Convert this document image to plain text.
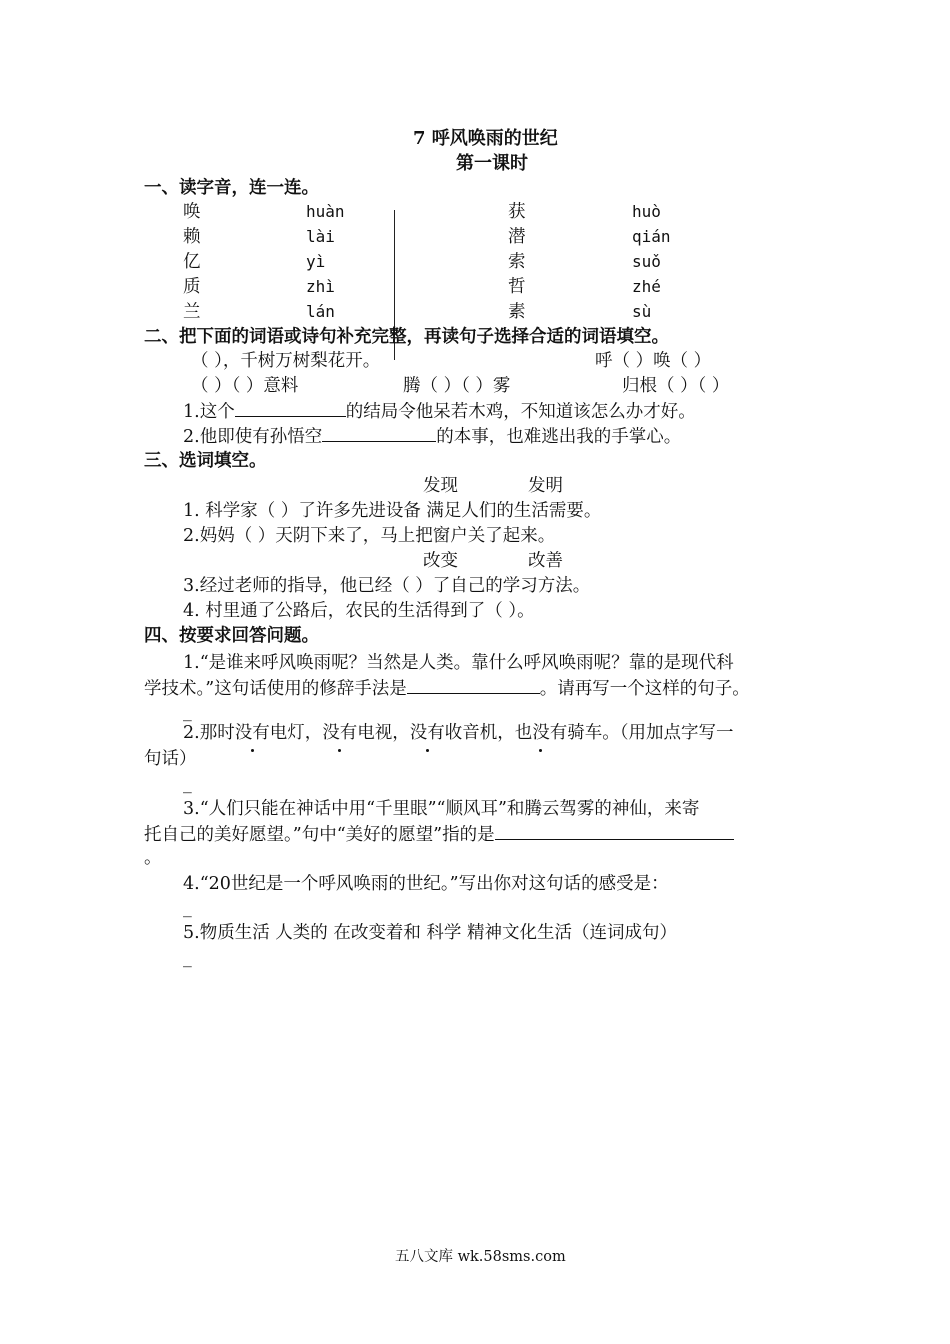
7 呼风唤雨的世纪
第一课时
一、读字音，连一连。
唤	huàn	获	huò
赖	lài	潜	qián
亿	yì	索	suǒ
质	zhì	哲	zhé
兰	lán	素	sù
二、把下面的词语或诗句补充完整，再读句子选择合适的词语填空。
（ ），千树万树梨花开。	呼（ ）唤（ ）
（ ）（ ）意料	腾（ ）（ ）雾	归根（ ）（ ）
1.这个	的结局令他呆若木鸡，不知道该怎么办才好。
2.他即使有孙悟空	的本事，也难逃出我的手掌心。
三、选词填空。
发现	发明
1. 科学家（ ）了许多先进设备 满足人们的生活需要。
2.妈妈（ ）天阴下来了，马上把窗户关了起来。
改变	改善
3.经过老师的指导，他已经（ ）了自己的学习方法。
4. 村里通了公路后，农民的生活得到了（ ）。
四、按要求回答问题。
1.“是谁来呼风唤雨呢？当然是人类。靠什么呼风唤雨呢？靠的是现代科
学技术。”这句话使用的修辞手法是	。请再写一个这样的句子。
_
2.那时没有电灯，没有电视，没有收音机，也没有骑车。（用加点字写一
句话）
_
3.“人们只能在神话中用“千里眼”“顺风耳”和腾云驾雾的神仙，来寄
托自己的美好愿望。”句中“美好的愿望”指的是
。
4.“20世纪是一个呼风唤雨的世纪。”写出你对这句话的感受是：
_
5.物质生活 人类的 在改变着和 科学 精神文化生活（连词成句）
_
五八文库 wk.58sms.com
